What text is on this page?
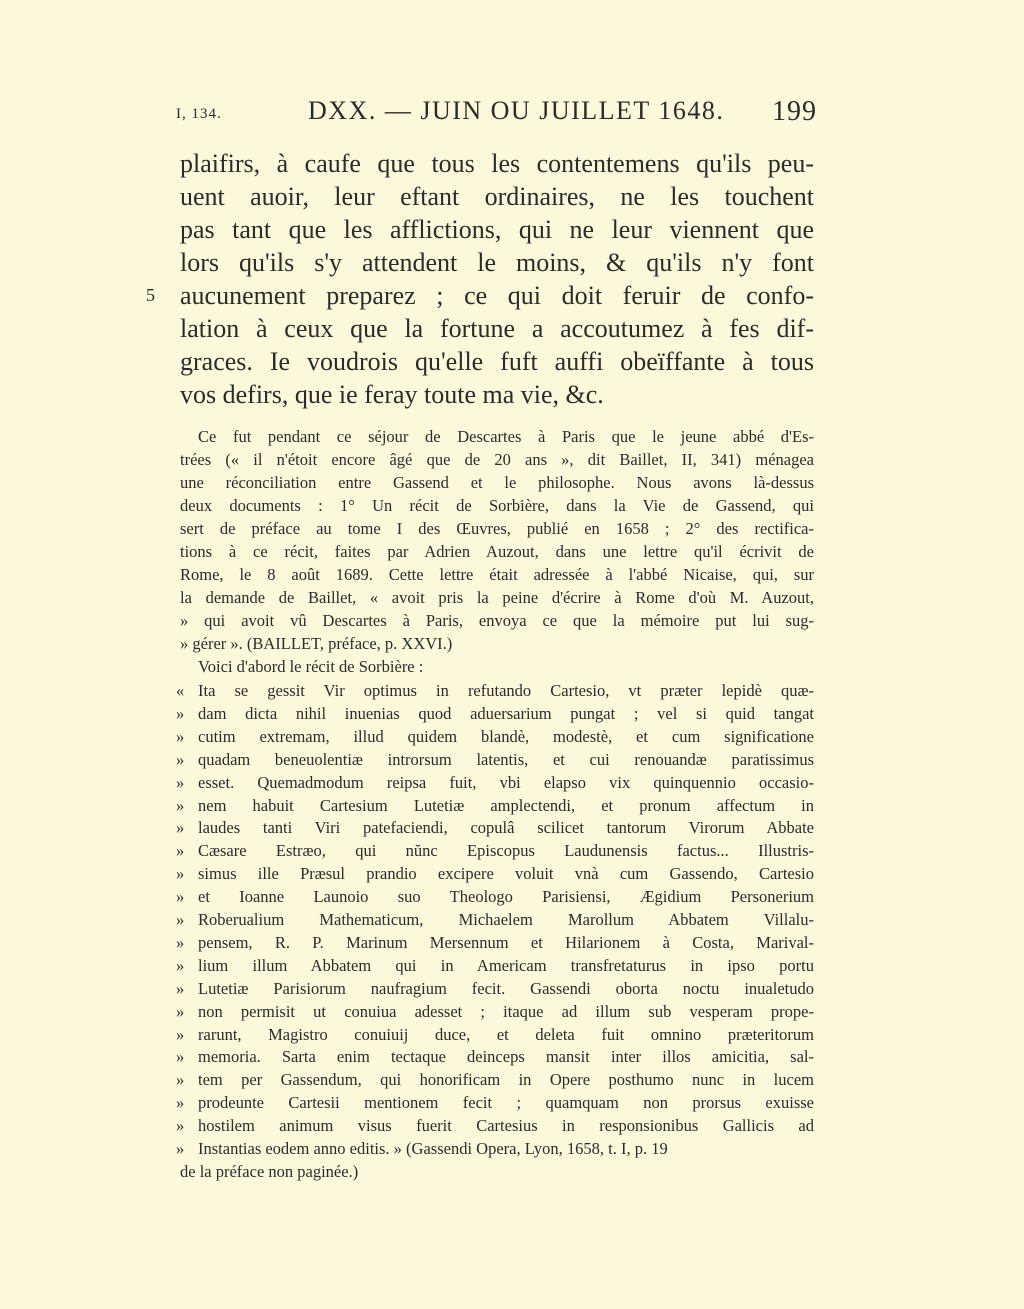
I, 134.	DXX. — JUIN OU JUILLET 1648. 199
plaifirs, à caufe que tous les contentemens qu'ils peu-
uent auoir, leur eftant ordinaires, ne les touchent
pas tant que les afflictions, qui ne leur viennent que
lors qu'ils s'y attendent le moins, & qu'ils n'y font
5 aucunement preparez ; ce qui doit feruir de confo-
lation à ceux que la fortune a accoutumez à fes dif-
graces. Ie voudrois qu'elle fuft auffi obeïffante à tous
vos defirs, que ie feray toute ma vie, &c.
Ce fut pendant ce séjour de Descartes à Paris que le jeune abbé d'Es-
trées (« il n'étoit encore âgé que de 20 ans », dit Baillet, II, 341) ménagea
une réconciliation entre Gassend et le philosophe. Nous avons là-dessus
deux documents : 1° Un récit de Sorbière, dans la Vie de Gassend, qui
sert de préface au tome I des Œuvres, publié en 1658 ; 2° des rectifica-
tions à ce récit, faites par Adrien Auzout, dans une lettre qu'il écrivit de
Rome, le 8 août 1689. Cette lettre était adressée à l'abbé Nicaise, qui, sur
la demande de Baillet, « avoit pris la peine d'écrire à Rome d'où M. Auzout,
» qui avoit vû Descartes à Paris, envoya ce que la mémoire put lui sug-
» gérer ». (BAILLET, préface, p. XXVI.)
Voici d'abord le récit de Sorbière :
« Ita se gessit Vir optimus in refutando Cartesio, vt præter lepidè quæ-
» dam dicta nihil inuenias quod aduersarium pungat ; vel si quid tangat
» cutim extremam, illud quidem blandè, modestè, et cum significatione
» quadam beneuolentiæ introrsum latentis, et cui renouandæ paratissimus
» esset. Quemadmodum reipsa fuit, vbi elapso vix quinquennio occasio-
» nem habuit Cartesium Lutetiæ amplectendi, et pronum affectum in
» laudes tanti Viri patefaciendi, copulâ scilicet tantorum Virorum Abbate
» Cæsare Estræo, qui nŭnc Episcopus Laudunensis factus... Illustris-
» simus ille Præsul prandio excipere voluit vnà cum Gassendo, Cartesio
» et Ioanne Launoio suo Theologo Parisiensi, Ægidium Personerium
» Roberualium Mathematicum, Michaelem Marollum Abbatem Villalu-
» pensem, R. P. Marinum Mersennum et Hilarionem à Costa, Marival-
» lium illum Abbatem qui in Americam transfretaturus in ipso portu
» Lutetiæ Parisiorum naufragium fecit. Gassendi oborta noctu inualetudo
» non permisit ut conuiua adesset ; itaque ad illum sub vesperam prope-
» rarunt, Magistro conuiuij duce, et deleta fuit omnino præteritorum
» memoria. Sarta enim tectaque deinceps mansit inter illos amicitia, sal-
» tem per Gassendum, qui honorificam in Opere posthumo nunc in lucem
» prodeunte Cartesii mentionem fecit ; quamquam non prorsus exuisse
» hostilem animum visus fuerit Cartesius in responsionibus Gallicis ad
» Instantias eodem anno editis. » (Gassendi Opera, Lyon, 1658, t. I, p. 19
de la préface non paginée.)
